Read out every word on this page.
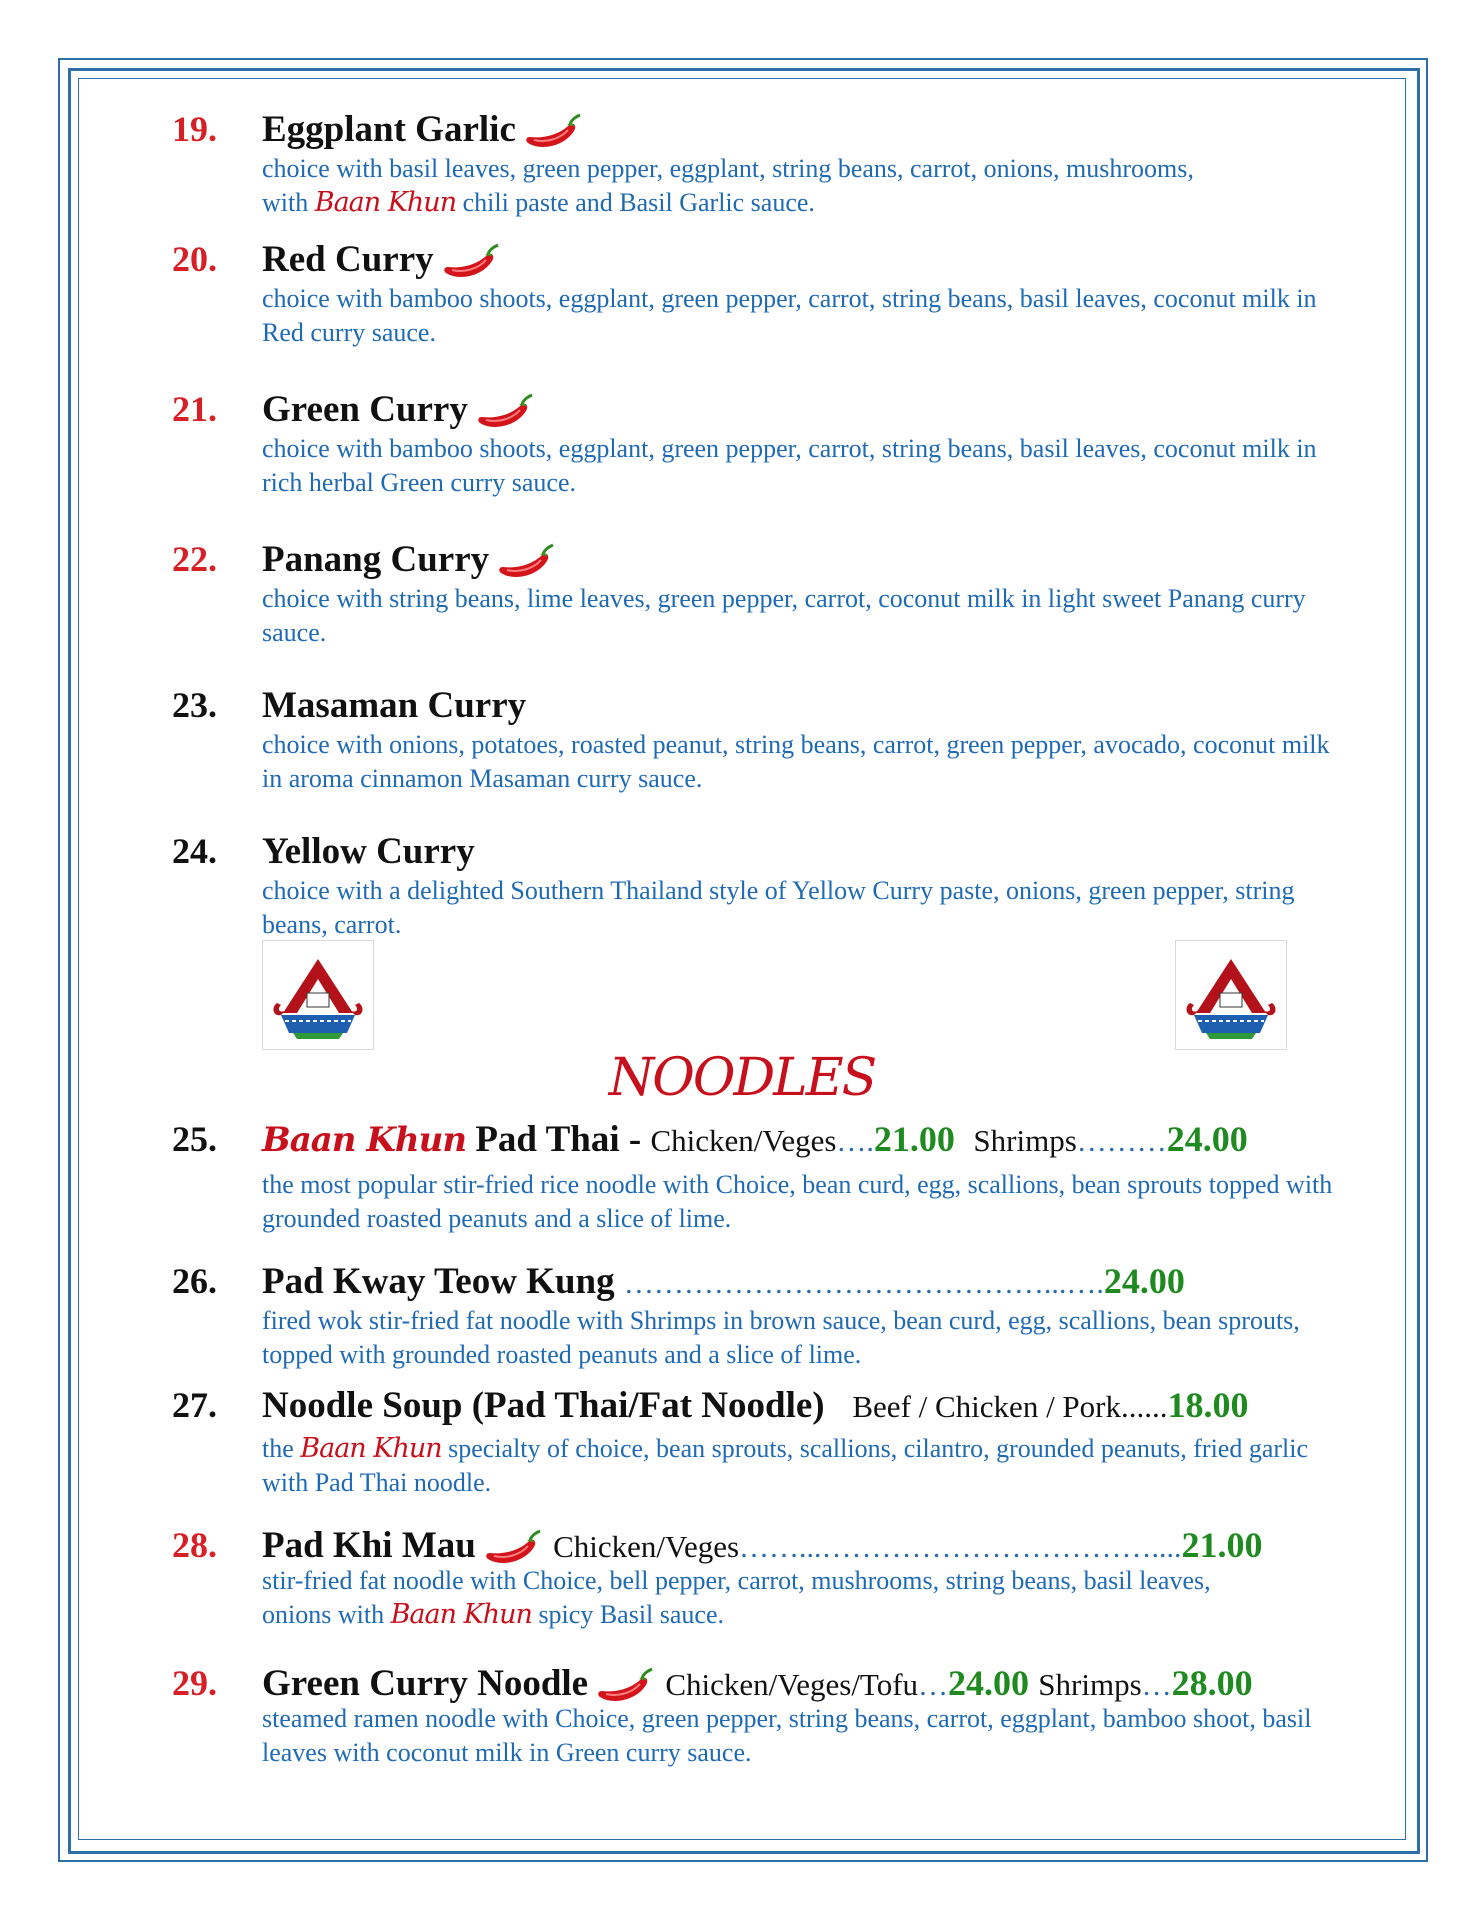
19. Eggplant Garlic
choice with basil leaves, green pepper, eggplant, string beans, carrot, onions, mushrooms,
with Baan Khun chili paste and Basil Garlic sauce.
20. Red Curry
choice with bamboo shoots, eggplant, green pepper, carrot, string beans, basil leaves, coconut milk in Red curry sauce.
21. Green Curry
choice with bamboo shoots, eggplant, green pepper, carrot, string beans, basil leaves, coconut milk in rich herbal Green curry sauce.
22. Panang Curry
choice with string beans, lime leaves, green pepper, carrot, coconut milk in light sweet Panang curry sauce.
23. Masaman Curry
choice with onions, potatoes, roasted peanut, string beans, carrot, green pepper, avocado, coconut milk in aroma cinnamon Masaman curry sauce.
24. Yellow Curry
choice with a delighted Southern Thailand style of Yellow Curry paste, onions, green pepper, string beans, carrot.
NOODLES
25. Baan Khun Pad Thai - Chicken/Veges….21.00 Shrimps………24.00
the most popular stir-fried rice noodle with Choice, bean curd, egg, scallions, bean sprouts topped with grounded roasted peanuts and a slice of lime.
26. Pad Kway Teow Kung ……………………………………...….24.00
fired wok stir-fried fat noodle with Shrimps in brown sauce, bean curd, egg, scallions, bean sprouts, topped with grounded roasted peanuts and a slice of lime.
27. Noodle Soup (Pad Thai/Fat Noodle) Beef / Chicken / Pork......18.00
the Baan Khun specialty of choice, bean sprouts, scallions, cilantro, grounded peanuts, fried garlic with Pad Thai noodle.
28. Pad Khi Mau Chicken/Veges……...……………………………....21.00
stir-fried fat noodle with Choice, bell pepper, carrot, mushrooms, string beans, basil leaves,
onions with Baan Khun spicy Basil sauce.
29. Green Curry Noodle Chicken/Veges/Tofu…24.00 Shrimps…28.00
steamed ramen noodle with Choice, green pepper, string beans, carrot, eggplant, bamboo shoot, basil leaves with coconut milk in Green curry sauce.
